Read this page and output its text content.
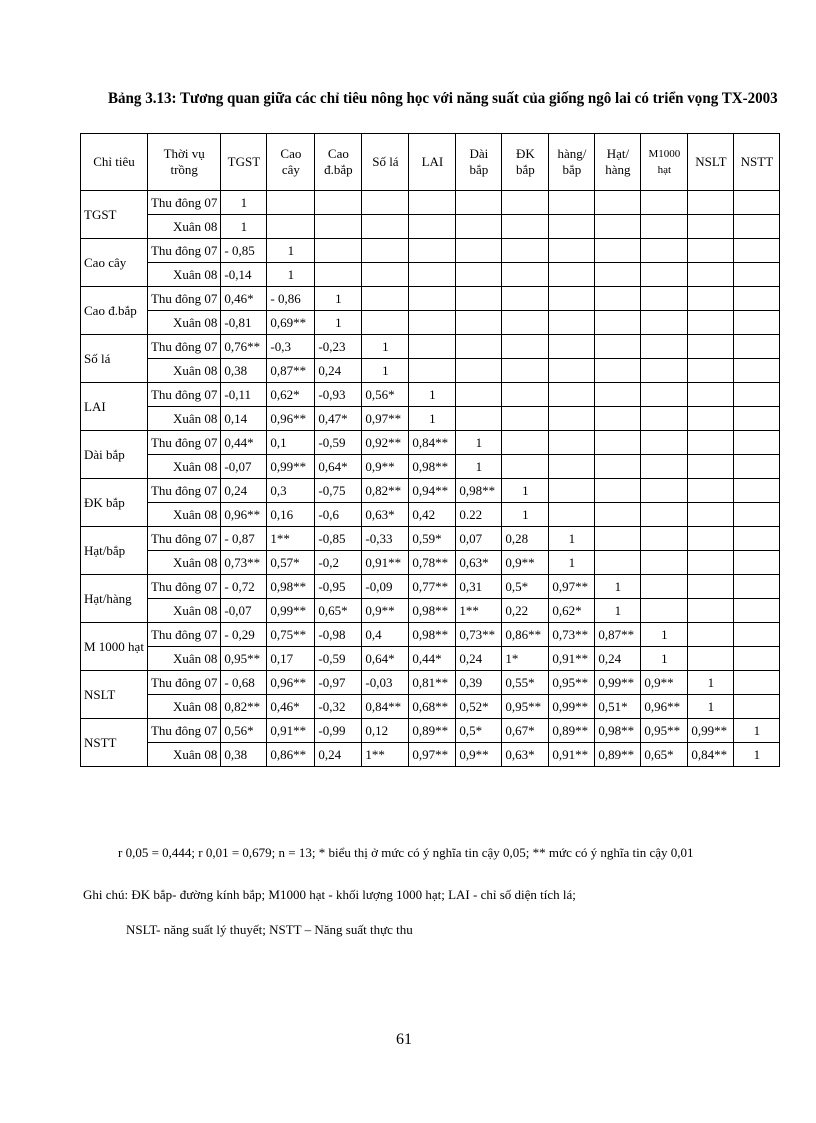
Bảng 3.13: Tương quan giữa các chỉ tiêu nông học với năng suất của giống ngô lai có triển vọng TX-2003
Chỉ tiêu	Thời vụ trồng	TGST	Cao cây	Cao đ.bắp	Số lá	LAI	Dài bắp	ĐK bắp	hàng/ bắp	Hạt/ hàng	M1000 hạt	NSLT	NSTT
TGST	Thu đông 07	1											
	Xuân 08	1											
Cao cây	Thu đông 07	- 0,85	1										
	Xuân 08	-0,14	1										
Cao đ.bắp	Thu đông 07	0,46*	- 0,86	1									
	Xuân 08	-0,81	0,69**	1									
Số lá	Thu đông 07	0,76**	-0,3	-0,23	1								
	Xuân 08	0,38	0,87**	0,24	1								
LAI	Thu đông 07	-0,11	0,62*	-0,93	0,56*	1							
	Xuân 08	0,14	0,96**	0,47*	0,97**	1							
Dài bắp	Thu đông 07	0,44*	0,1	-0,59	0,92**	0,84**	1						
	Xuân 08	-0,07	0,99**	0,64*	0,9**	0,98**	1						
ĐK bắp	Thu đông 07	0,24	0,3	-0,75	0,82**	0,94**	0,98**	1					
	Xuân 08	0,96**	0,16	-0,6	0,63*	0,42	0.22	1					
Hạt/bắp	Thu đông 07	- 0,87	1**	-0,85	-0,33	0,59*	0,07	0,28	1				
	Xuân 08	0,73**	0,57*	-0,2	0,91**	0,78**	0,63*	0,9**	1				
Hạt/hàng	Thu đông 07	- 0,72	0,98**	-0,95	-0,09	0,77**	0,31	0,5*	0,97**	1			
	Xuân 08	-0,07	0,99**	0,65*	0,9**	0,98**	1**	0,22	0,62*	1			
M 1000 hạt	Thu đông 07	- 0,29	0,75**	-0,98	0,4	0,98**	0,73**	0,86**	0,73**	0,87**	1		
	Xuân 08	0,95**	0,17	-0,59	0,64*	0,44*	0,24	1*	0,91**	0,24	1		
NSLT	Thu đông 07	- 0,68	0,96**	-0,97	-0,03	0,81**	0,39	0,55*	0,95**	0,99**	0,9**	1	
	Xuân 08	0,82**	0,46*	-0,32	0,84**	0,68**	0,52*	0,95**	0,99**	0,51*	0,96**	1	
NSTT	Thu đông 07	0,56*	0,91**	-0,99	0,12	0,89**	0,5*	0,67*	0,89**	0,98**	0,95**	0,99**	1
	Xuân 08	0,38	0,86**	0,24	1**	0,97**	0,9**	0,63*	0,91**	0,89**	0,65*	0,84**	1
r 0,05 = 0,444; r 0,01 = 0,679; n = 13; * biểu thị ở mức có ý nghĩa tin cậy 0,05; ** mức có ý nghĩa tin cậy 0,01
Ghi chú: ĐK bắp- đường kính bắp; M1000 hạt - khối lượng 1000 hạt; LAI - chỉ số diện tích lá;
NSLT- năng suất lý thuyết; NSTT – Năng suất thực thu
61
